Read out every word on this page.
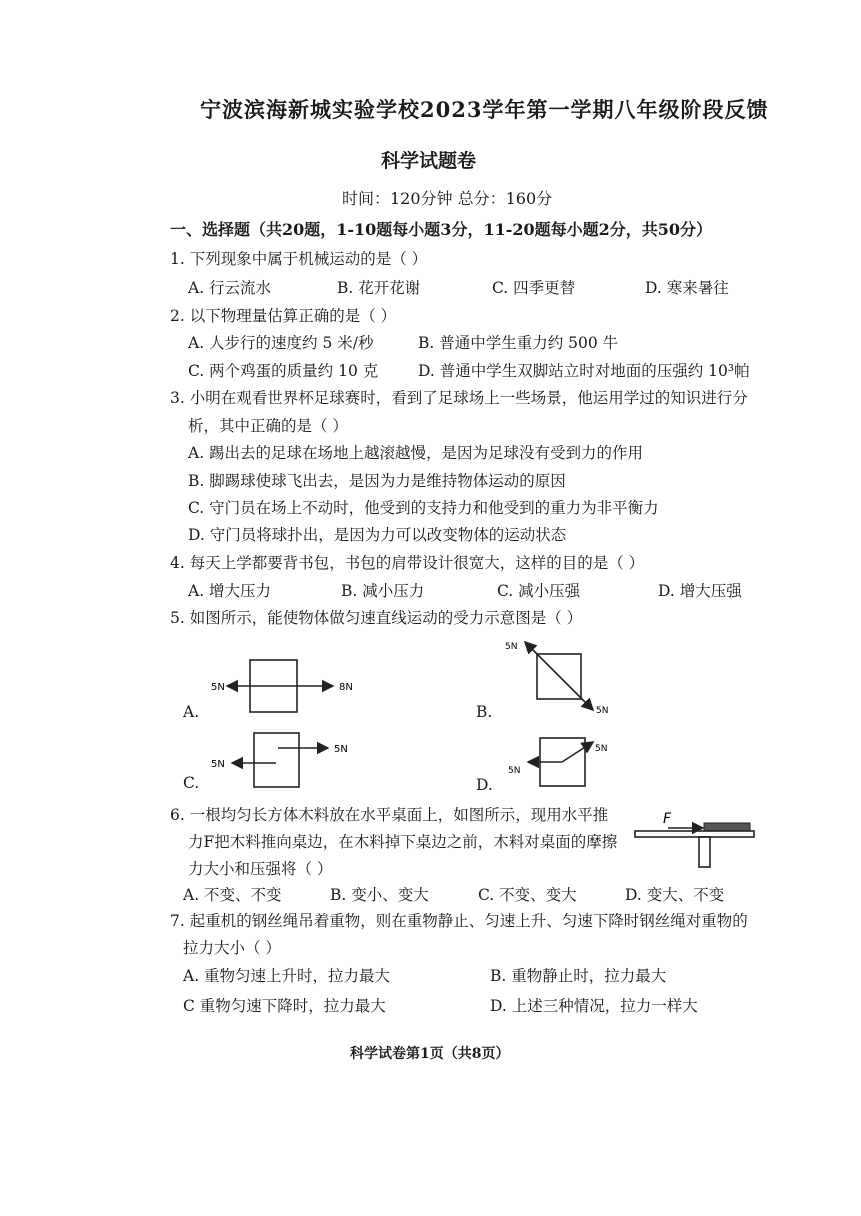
宁波滨海新城实验学校2023学年第一学期八年级阶段反馈
科学试题卷
时间：120分钟 总分：160分
一、选择题（共20题，1-10题每小题3分，11-20题每小题2分，共50分）
1. 下列现象中属于机械运动的是（ ）
A. 行云流水	B. 花开花谢	C. 四季更替	D. 寒来暑往
2. 以下物理量估算正确的是（ ）
A. 人步行的速度约 5 米/秒	B. 普通中学生重力约 500 牛
C. 两个鸡蛋的质量约 10 克	D. 普通中学生双脚站立时对地面的压强约 10³帕
3. 小明在观看世界杯足球赛时，看到了足球场上一些场景，他运用学过的知识进行分
析，其中正确的是（ ）
A. 踢出去的足球在场地上越滚越慢，是因为足球没有受到力的作用
B. 脚踢球使球飞出去，是因为力是维持物体运动的原因
C. 守门员在场上不动时，他受到的支持力和他受到的重力为非平衡力
D. 守门员将球扑出，是因为力可以改变物体的运动状态
4. 每天上学都要背书包，书包的肩带设计很宽大，这样的目的是（ ）
A. 增大压力	B. 减小压力	C. 减小压强	D. 增大压强
5. 如图所示，能使物体做匀速直线运动的受力示意图是（ ）
A.	B.
C.	D.
5N	8N
5N
5N
5N
5N
5N
5N
6. 一根均匀长方体木料放在水平桌面上，如图所示，现用水平推
力F把木料推向桌边，在木料掉下桌边之前，木料对桌面的摩擦
力大小和压强将（ ）
F
A. 不变、不变	B. 变小、变大	C. 不变、变大	D. 变大、不变
7. 起重机的钢丝绳吊着重物，则在重物静止、匀速上升、匀速下降时钢丝绳对重物的
拉力大小（ ）
A. 重物匀速上升时，拉力最大	B. 重物静止时，拉力最大
C 重物匀速下降时，拉力最大	D. 上述三种情况，拉力一样大
科学试卷第1页（共8页）
